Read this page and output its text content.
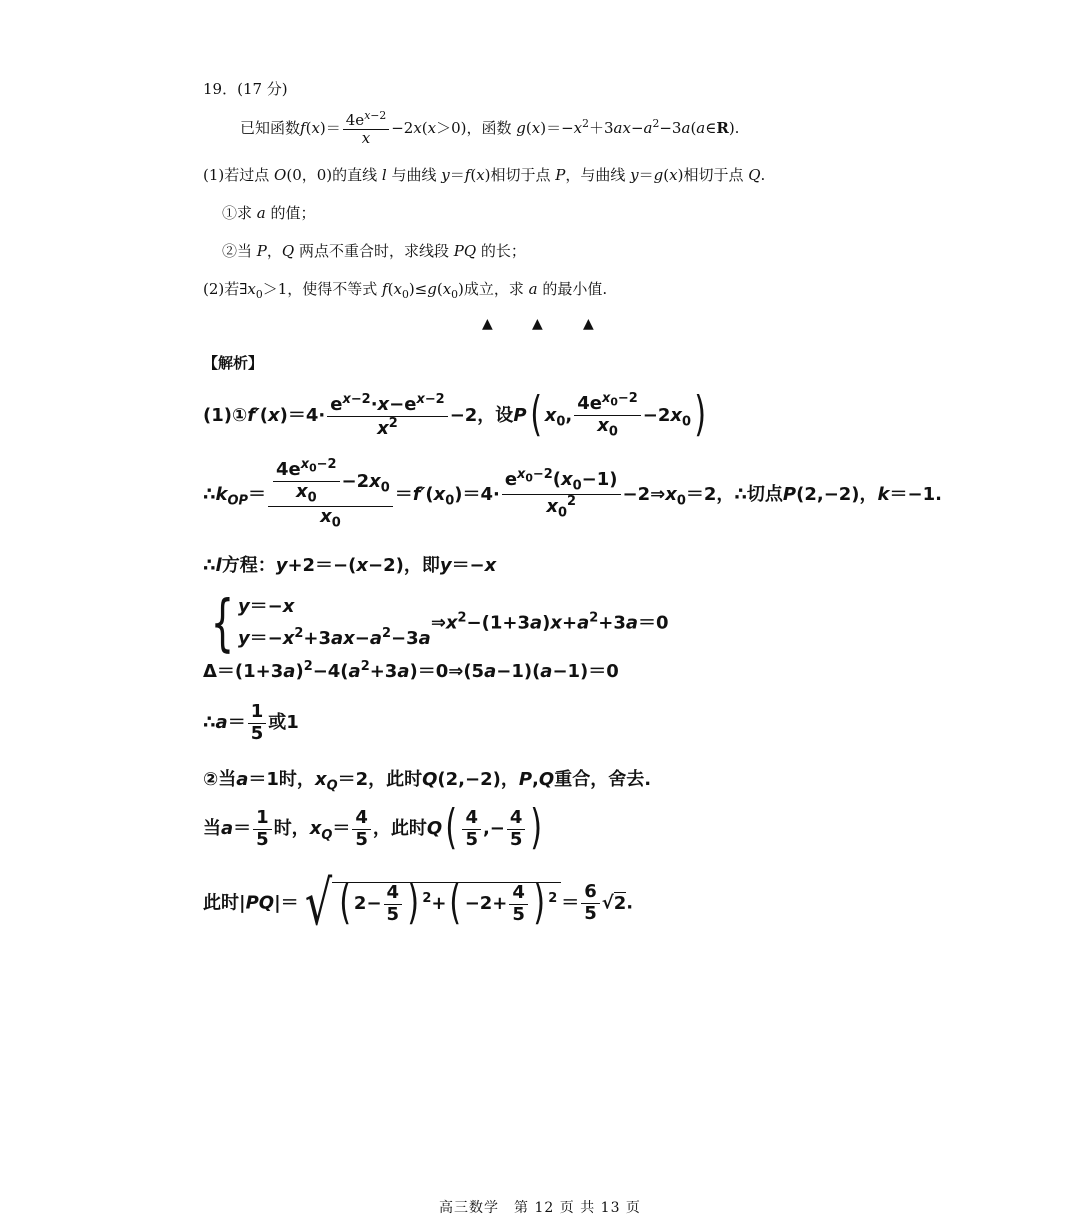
19．(17 分)
已知函数$f(x)= \frac{4e^{x-2}}{x} -2x(x>0)$，函数 $g(x)=-x^2+3ax-a^2-3a(a\in R)$.
(1)若过点 O(0，0)的直线 l 与曲线 y＝f(x)相切于点 P，与曲线 y＝g(x)相切于点 Q.
①求 a 的值；
②当 P，Q 两点不重合时，求线段 PQ 的长；
(2)若$\exists x_0>1$，使得不等式 $f(x_0)\le g(x_0)$成立，求 a 的最小值.
▲	▲	▲
【解析】
(1)①f′(x)＝4· $\frac{e^{x-2}\cdot x-e^{x-2}}{x^2} -2$，设P( $x_0$, $\frac{4e^{x_0-2}}{x_0} -2x_0$)
$\therefore k_{OP}= \frac{\frac{4e^{x_0-2}}{x_0} -2x_0}{x_0} =f'(x_0)=4\cdot \frac{e^{x_0-2}(x_0-1)}{x_0^2}$ $-2\Rightarrow x_0=2$，∴切点P(2,−2)，k＝−1.
∴l方程：y+2＝−(x−2)，即y＝−x
{ y＝−x
$y=-x^2+3ax-a^2-3a$
$\Rightarrow x^2-(1+3a)x+a^2+3a=0$
$\Delta=(1+3a)^2-4(a^2+3a)=0\Rightarrow(5a-1)(a-1)=0$
∴a＝ $\frac{1}{5}$ 或1
②当a＝1时，$x_Q=2$，此时Q(2,−2)，P,Q重合，舍去.
当$a= \frac{1}{5}$ 时，$x_Q= \frac{4}{5}$ ，此时$Q( \frac{4}{5}$ ,− $\frac{4}{5}$ )
此时|PQ|＝√ ( $2- \frac{4}{5}$ ) $^2+( -2+ \frac{4}{5}$ ) $^2 = \frac{6}{5} √2$.
高三数学　第 12 页 共 13 页
